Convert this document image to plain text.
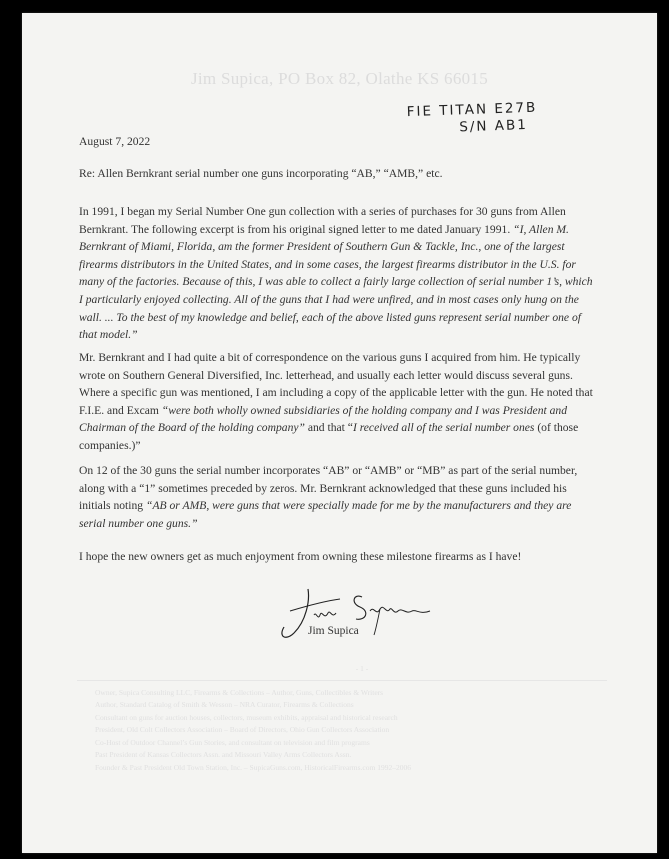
Jim Supica, PO Box 82, Olathe KS 66015
FIE TITAN E27B
S/N AB1
August 7, 2022
Re: Allen Bernkrant serial number one guns incorporating “AB,” “AMB,” etc.

In 1991, I began my Serial Number One gun collection with a series of purchases for 30 guns from Allen Bernkrant. The following excerpt is from his original signed letter to me dated January 1991. “I, Allen M. Bernkrant of Miami, Florida, am the former President of Southern Gun & Tackle, Inc., one of the largest firearms distributors in the United States, and in some cases, the largest firearms distributor in the U.S. for many of the factories. Because of this, I was able to collect a fairly large collection of serial number 1’s, which I particularly enjoyed collecting. All of the guns that I had were unfired, and in most cases only hung on the wall. ... To the best of my knowledge and belief, each of the above listed guns represent serial number one of that model.”

Mr. Bernkrant and I had quite a bit of correspondence on the various guns I acquired from him. He typically wrote on Southern General Diversified, Inc. letterhead, and usually each letter would discuss several guns. Where a specific gun was mentioned, I am including a copy of the applicable letter with the gun. He noted that F.I.E. and Excam “were both wholly owned subsidiaries of the holding company and I was President and Chairman of the Board of the holding company” and that “I received all of the serial number ones (of those companies.)”

On 12 of the 30 guns the serial number incorporates “AB” or “AMB” or “MB” as part of the serial number, along with a “1” sometimes preceded by zeros. Mr. Bernkrant acknowledged that these guns included his initials noting “AB or AMB, were guns that were specially made for me by the manufacturers and they are serial number one guns.”

I hope the new owners get as much enjoyment from owning these milestone firearms as I have!
Jim Supica
- 1 -
• Owner, Supica Consulting LLC, Firearms & Collections – Author, Guns, Collectibles & Writers
• Author, Standard Catalog of Smith & Wesson – NRA Curator, Firearms & Collections
• Consultant on guns for auction houses, collectors, museum exhibits, appraisal and historical research
• President, Old Colt Collectors Association – Board of Directors, Ohio Gun Collectors Association
• Co-Host of Outdoor Channel’s Gun Stories, and consultant on television and film programs
• Past President of Kansas Collectors Assn. and Missouri Valley Arms Collectors Assn.
• Founder & Past President Old Town Station, Inc. – SupicaGuns.com, HistoricalFirearms.com 1992–2006
